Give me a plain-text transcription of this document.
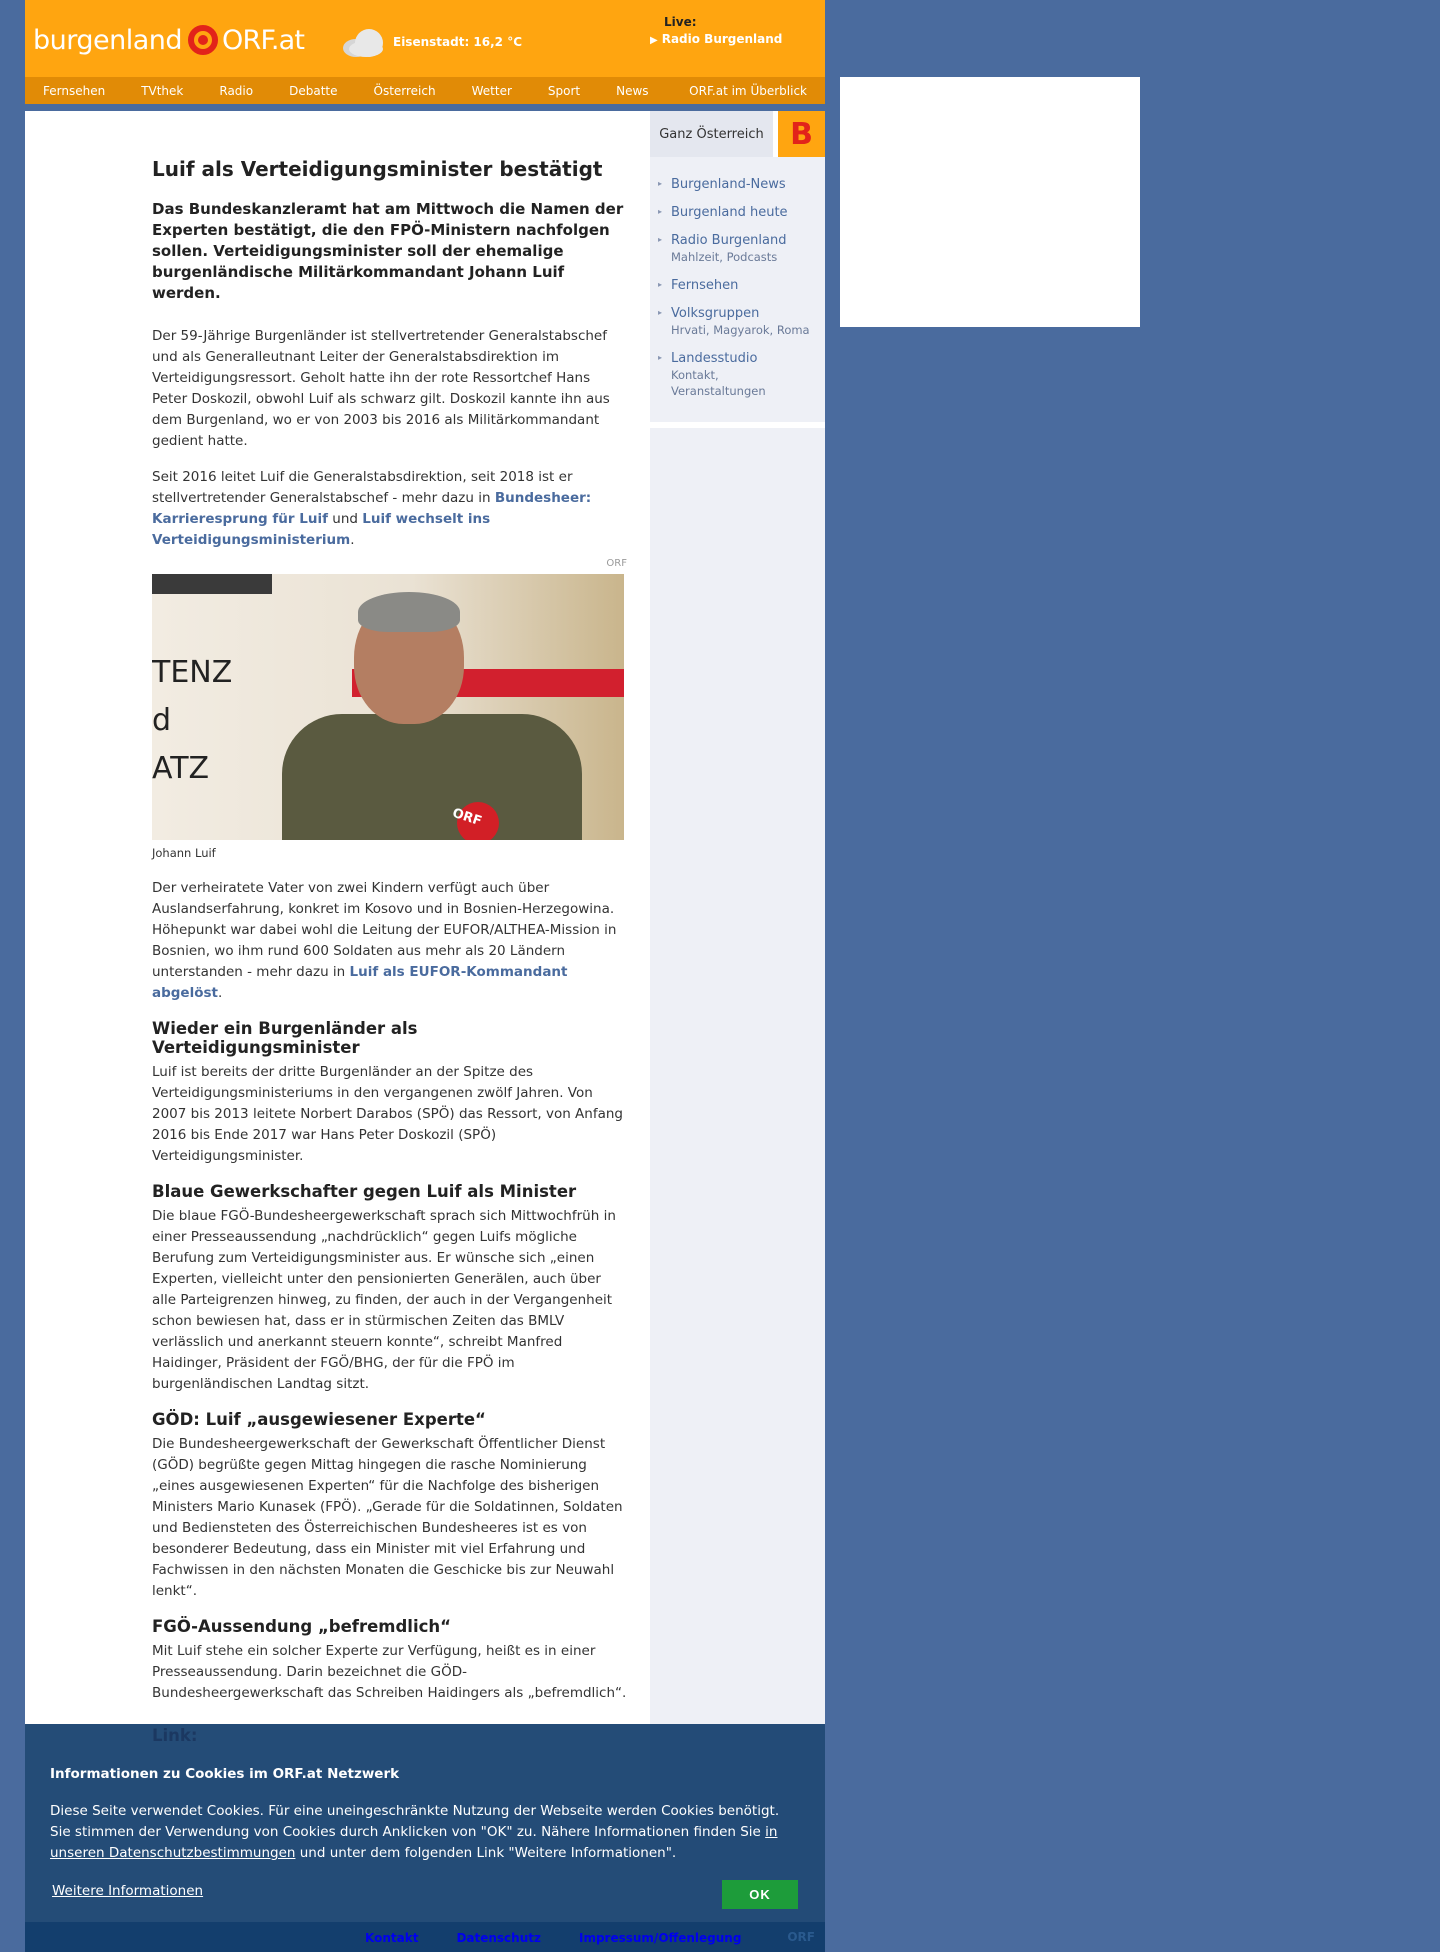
burgenland ORF.at	Eisenstadt: 16,2 °C
Live:
▶ Radio Burgenland
Fernsehen	TVthek	Radio	Debatte	Österreich	Wetter	Sport	News	ORF.at im Überblick
Luif als Verteidigungsminister bestätigt

Das Bundeskanzleramt hat am Mittwoch die Namen der Experten bestätigt, die den FPÖ-Ministern nachfolgen sollen. Verteidigungsminister soll der ehemalige burgenländische Militärkommandant Johann Luif werden.

Der 59-Jährige Burgenländer ist stellvertretender Generalstabschef und als Generalleutnant Leiter der Generalstabsdirektion im Verteidigungsressort. Geholt hatte ihn der rote Ressortchef Hans Peter Doskozil, obwohl Luif als schwarz gilt. Doskozil kannte ihn aus dem Burgenland, wo er von 2003 bis 2016 als Militärkommandant gedient hatte.

Seit 2016 leitet Luif die Generalstabsdirektion, seit 2018 ist er stellvertretender Generalstabschef - mehr dazu in Bundesheer: Karrieresprung für Luif und Luif wechselt ins Verteidigungsministerium.

ORF
TENZ
d
ATZ
ORF
Johann Luif

Der verheiratete Vater von zwei Kindern verfügt auch über Auslandserfahrung, konkret im Kosovo und in Bosnien-Herzegowina. Höhepunkt war dabei wohl die Leitung der EUFOR/ALTHEA-Mission in Bosnien, wo ihm rund 600 Soldaten aus mehr als 20 Ländern unterstanden - mehr dazu in Luif als EUFOR-Kommandant abgelöst.

Wieder ein Burgenländer als Verteidigungsminister

Luif ist bereits der dritte Burgenländer an der Spitze des Verteidigungsministeriums in den vergangenen zwölf Jahren. Von 2007 bis 2013 leitete Norbert Darabos (SPÖ) das Ressort, von Anfang 2016 bis Ende 2017 war Hans Peter Doskozil (SPÖ) Verteidigungsminister.

Blaue Gewerkschafter gegen Luif als Minister

Die blaue FGÖ-Bundesheergewerkschaft sprach sich Mittwochfrüh in einer Presseaussendung „nachdrücklich“ gegen Luifs mögliche Berufung zum Verteidigungsminister aus. Er wünsche sich „einen Experten, vielleicht unter den pensionierten Generälen, auch über alle Parteigrenzen hinweg, zu finden, der auch in der Vergangenheit schon bewiesen hat, dass er in stürmischen Zeiten das BMLV verlässlich und anerkannt steuern konnte“, schreibt Manfred Haidinger, Präsident der FGÖ/BHG, der für die FPÖ im burgenländischen Landtag sitzt.

GÖD: Luif „ausgewiesener Experte“

Die Bundesheergewerkschaft der Gewerkschaft Öffentlicher Dienst (GÖD) begrüßte gegen Mittag hingegen die rasche Nominierung „eines ausgewiesenen Experten“ für die Nachfolge des bisherigen Ministers Mario Kunasek (FPÖ). „Gerade für die Soldatinnen, Soldaten und Bediensteten des Österreichischen Bundesheeres ist es von besonderer Bedeutung, dass ein Minister mit viel Erfahrung und Fachwissen in den nächsten Monaten die Geschicke bis zur Neuwahl lenkt“.

FGÖ-Aussendung „befremdlich“

Mit Luif stehe ein solcher Experte zur Verfügung, heißt es in einer Presseaussendung. Darin bezeichnet die GÖD-Bundesheergewerkschaft das Schreiben Haidingers als „befremdlich“.

Ganz Österreich B
▸ Burgenland-News
▸ Burgenland heute
▸ Radio Burgenland
Mahlzeit, Podcasts
▸ Fernsehen
▸ Volksgruppen
Hrvati, Magyarok, Roma
▸ Landesstudio
Kontakt, Veranstaltungen
Link:
Informationen zu Cookies im ORF.at Netzwerk

Diese Seite verwendet Cookies. Für eine uneingeschränkte Nutzung der Webseite werden Cookies benötigt. Sie stimmen der Verwendung von Cookies durch Anklicken von "OK" zu. Nähere Informationen finden Sie in unseren Datenschutzbestimmungen und unter dem folgenden Link "Weitere Informationen".

Weitere Informationen	OK
Kontakt	Datenschutz	Impressum/Offenlegung	ORF
